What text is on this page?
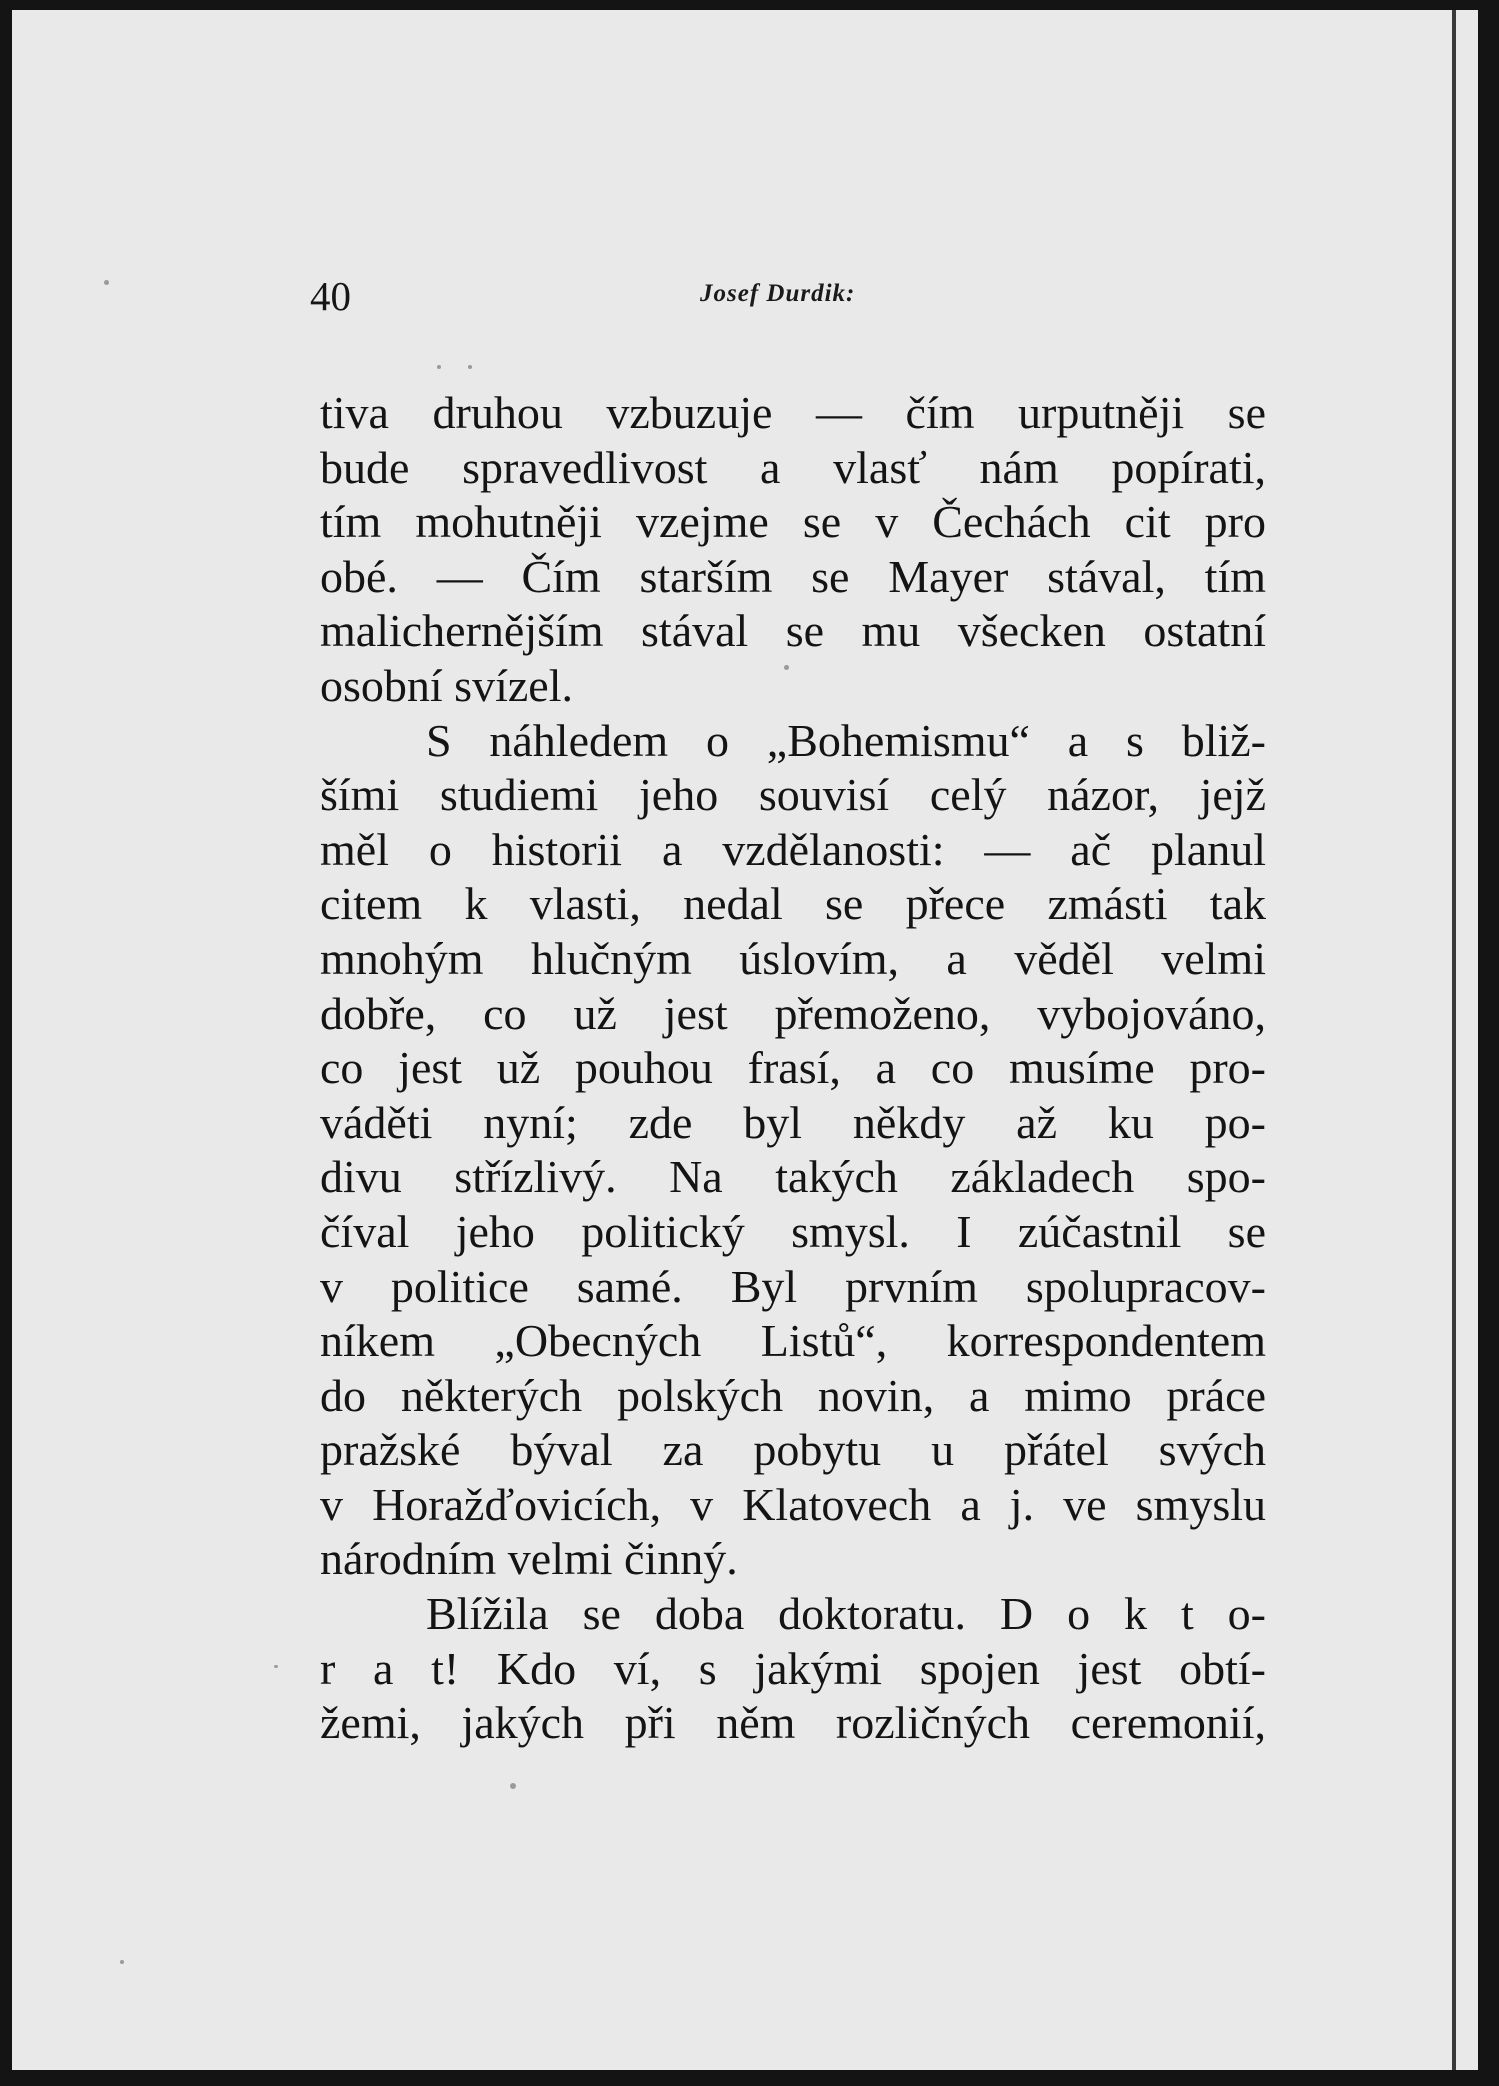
40	Josef Durdik:
tiva druhou vzbuzuje — čím urputněji se
bude spravedlivost a vlasť nám popírati,
tím mohutněji vzejme se v Čechách cit pro
obé. — Čím starším se Mayer stával, tím
malichernějším stával se mu všecken ostatní
osobní svízel.
S náhledem o „Bohemismu“ a s bliž-
šími studiemi jeho souvisí celý názor, jejž
měl o historii a vzdělanosti: — ač planul
citem k vlasti, nedal se přece zmásti tak
mnohým hlučným úslovím, a věděl velmi
dobře, co už jest přemoženo, vybojováno,
co jest už pouhou frasí, a co musíme pro-
váděti nyní; zde byl někdy až ku po-
divu střízlivý. Na takých základech spo-
číval jeho politický smysl. I zúčastnil se
v politice samé. Byl prvním spolupracov-
níkem „Obecných Listů“, korrespondentem
do některých polských novin, a mimo práce
pražské býval za pobytu u přátel svých
v Horažďovicích, v Klatovech a j. ve smyslu
národním velmi činný.
Blížila se doba doktoratu. D o k t o-
r a t! Kdo ví, s jakými spojen jest obtí-
žemi, jakých při něm rozličných ceremonií,
